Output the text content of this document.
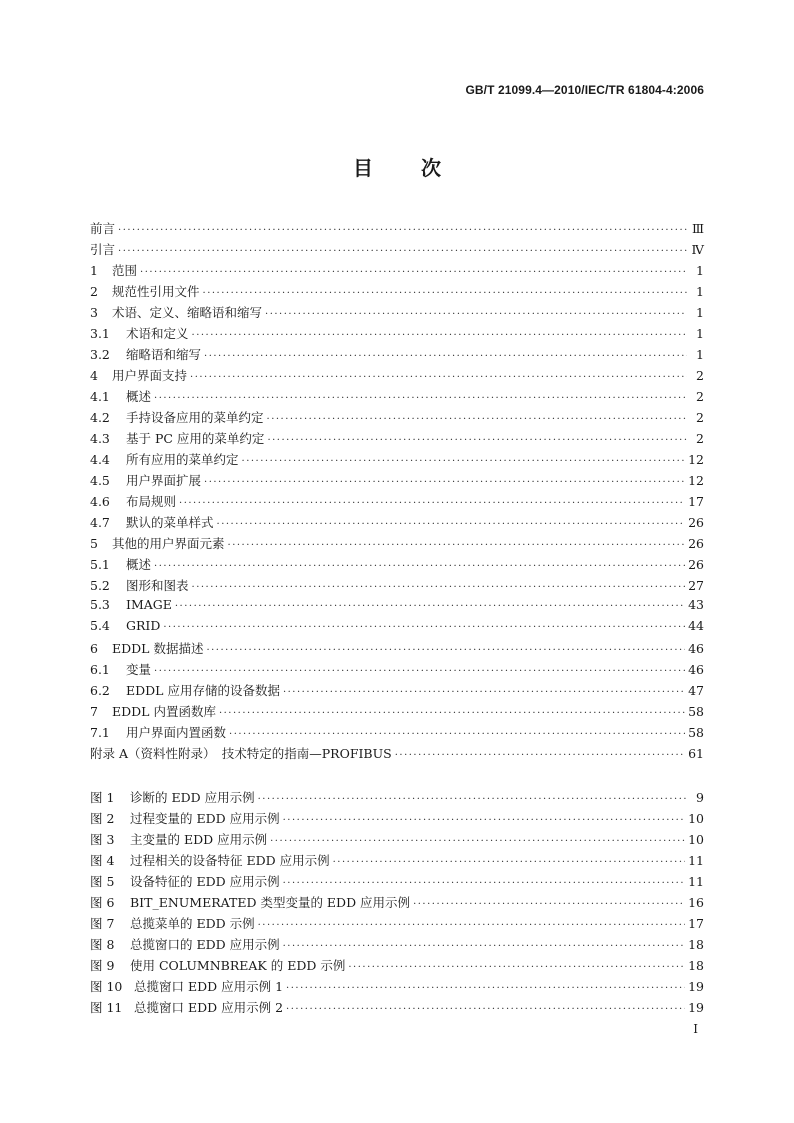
GB/T 21099.4—2010/IEC/TR 61804-4:2006
目 次
前言 ·····	Ⅲ
引言 ·····	Ⅳ
1	范围 ·····	1
2	规范性引用文件 ·····	1
3	术语、定义、缩略语和缩写 ·····	1
3.1	术语和定义 ·····	1
3.2	缩略语和缩写 ·····	1
4	用户界面支持 ·····	2
4.1	概述 ·····	2
4.2	手持设备应用的菜单约定 ·····	2
4.3	基于 PC 应用的菜单约定 ·····	2
4.4	所有应用的菜单约定 ·····	12
4.5	用户界面扩展 ·····	12
4.6	布局规则 ·····	17
4.7	默认的菜单样式 ·····	26
5	其他的用户界面元素 ·····	26
5.1	概述 ·····	26
5.2	图形和图表 ·····	27
5.3	IMAGE ·····	43
5.4	GRID ·····	44
6	EDDL 数据描述 ·····	46
6.1	变量 ·····	46
6.2	EDDL 应用存储的设备数据 ·····	47
7	EDDL 内置函数库 ·····	58
7.1	用户界面内置函数 ·····	58
附录 A（资料性附录）　技术特定的指南—PROFIBUS ·····	61
图 1	诊断的 EDD 应用示例 ·····	9
图 2	过程变量的 EDD 应用示例 ·····	10
图 3	主变量的 EDD 应用示例 ·····	10
图 4	过程相关的设备特征 EDD 应用示例 ·····	11
图 5	设备特征的 EDD 应用示例 ·····	11
图 6	BIT_ENUMERATED 类型变量的 EDD 应用示例 ·····	16
图 7	总揽菜单的 EDD 示例 ·····	17
图 8	总揽窗口的 EDD 应用示例 ·····	18
图 9	使用 COLUMNBREAK 的 EDD 示例 ·····	18
图 10 总揽窗口 EDD 应用示例 1 ·····	19
图 11 总揽窗口 EDD 应用示例 2 ·····	19
I
